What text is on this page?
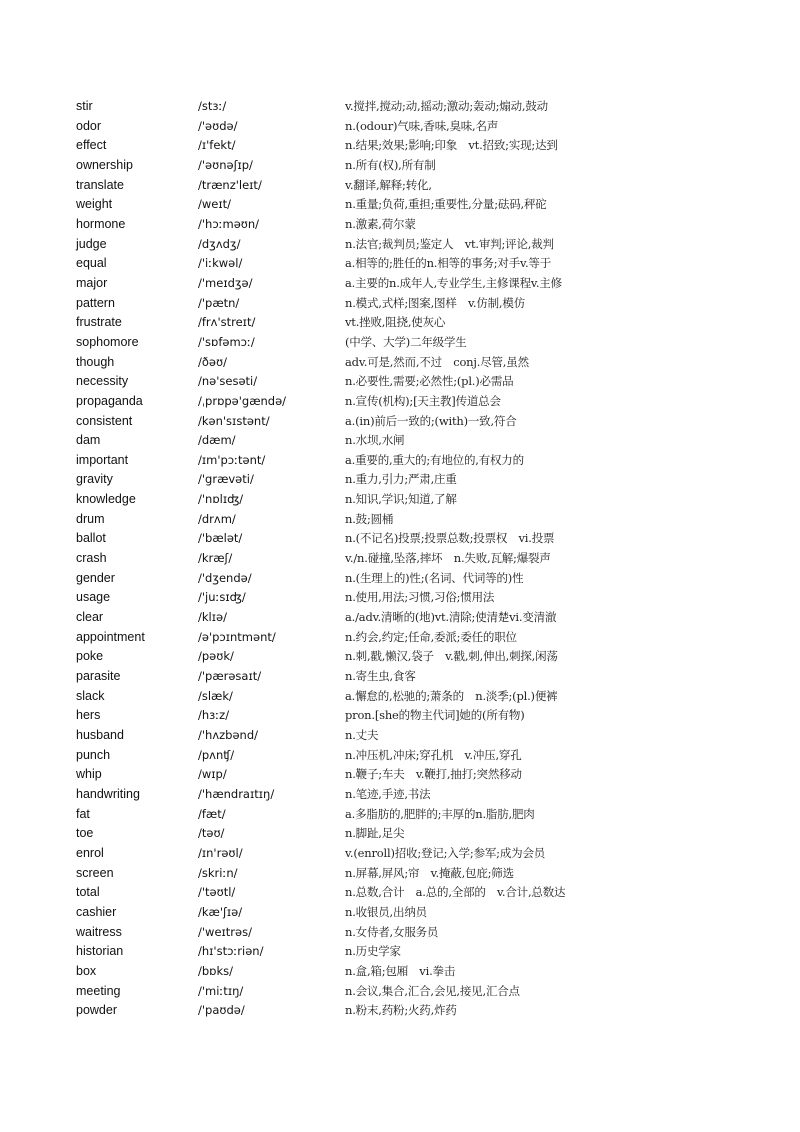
stir	/stɜː/	v.搅拌,搅动;动,摇动;激动;轰动;煽动,鼓动
odor	/'əʊdə/	n.(odour)气味,香味,臭味,名声
effect	/ɪ'fekt/	n.结果;效果;影响;印象　vt.招致;实现;达到
ownership	/'əʊnəʃɪp/	n.所有(权),所有制
translate	/trænz'leɪt/	v.翻译,解释;转化,
weight	/weɪt/	n.重量;负荷,重担;重要性,分量;砝码,秤砣
hormone	/'hɔːməʊn/	n.激素,荷尔蒙
judge	/dʒʌdʒ/	n.法官;裁判员;鉴定人　vt.审判;评论,裁判
equal	/'iːkwəl/	a.相等的;胜任的n.相等的事务;对手v.等于
major	/'meɪdʒə/	a.主要的n.成年人,专业学生,主修课程v.主修
pattern	/'pætn/	n.模式,式样;图案,图样　v.仿制,模仿
frustrate	/frʌ'streɪt/	vt.挫败,阻挠,使灰心
sophomore	/'sɒfəmɔː/	(中学、大学)二年级学生
though	/ðəʊ/	adv.可是,然而,不过　conj.尽管,虽然
necessity	/nə'sesəti/	n.必要性,需要;必然性;(pl.)必需品
propaganda	/ˌprɒpə'gændə/	n.宣传(机构);[天主教]传道总会
consistent	/kən'sɪstənt/	a.(in)前后一致的;(with)一致,符合
dam	/dæm/	n.水坝,水闸
important	/ɪm'pɔːtənt/	a.重要的,重大的;有地位的,有权力的
gravity	/'grævəti/	n.重力,引力;严肃,庄重
knowledge	/'nɒlɪʤ/	n.知识,学识;知道,了解
drum	/drʌm/	n.鼓;圆桶
ballot	/'bælət/	n.(不记名)投票;投票总数;投票权　vi.投票
crash	/kræʃ/	v./n.碰撞,坠落,摔坏　n.失败,瓦解;爆裂声
gender	/'dʒendə/	n.(生理上的)性;(名词、代词等的)性
usage	/'juːsɪʤ/	n.使用,用法;习惯,习俗;惯用法
clear	/klɪə/	a./adv.清晰的(地)vt.清除;使清楚vi.变清澈
appointment	/ə'pɔɪntmənt/	n.约会,约定;任命,委派;委任的职位
poke	/pəʊk/	n.刺,戳,懒汉,袋子　v.戳,刺,伸出,刺探,闲荡
parasite	/'pærəsaɪt/	n.寄生虫,食客
slack	/slæk/	a.懈怠的,松驰的;萧条的　n.淡季;(pl.)便裤
hers	/hɜːz/	pron.[she的物主代词]她的(所有物)
husband	/'hʌzbənd/	n.丈夫
punch	/pʌnʧ/	n.冲压机,冲床;穿孔机　v.冲压,穿孔
whip	/wɪp/	n.鞭子;车夫　v.鞭打,抽打;突然移动
handwriting	/'hændraɪtɪŋ/	n.笔迹,手迹,书法
fat	/fæt/	a.多脂肪的,肥胖的;丰厚的n.脂肪,肥肉
toe	/təʊ/	n.脚趾,足尖
enrol	/ɪn'rəʊl/	v.(enroll)招收;登记;入学;参军;成为会员
screen	/skriːn/	n.屏幕,屏风;帘　v.掩蔽,包庇;筛选
total	/'təʊtl/	n.总数,合计　a.总的,全部的　v.合计,总数达
cashier	/kæ'ʃɪə/	n.收银员,出纳员
waitress	/'weɪtrəs/	n.女侍者,女服务员
historian	/hɪ'stɔːriən/	n.历史学家
box	/bɒks/	n.盒,箱;包厢　vi.拳击
meeting	/'miːtɪŋ/	n.会议,集合,汇合,会见,接见,汇合点
powder	/'paʊdə/	n.粉末,药粉;火药,炸药
